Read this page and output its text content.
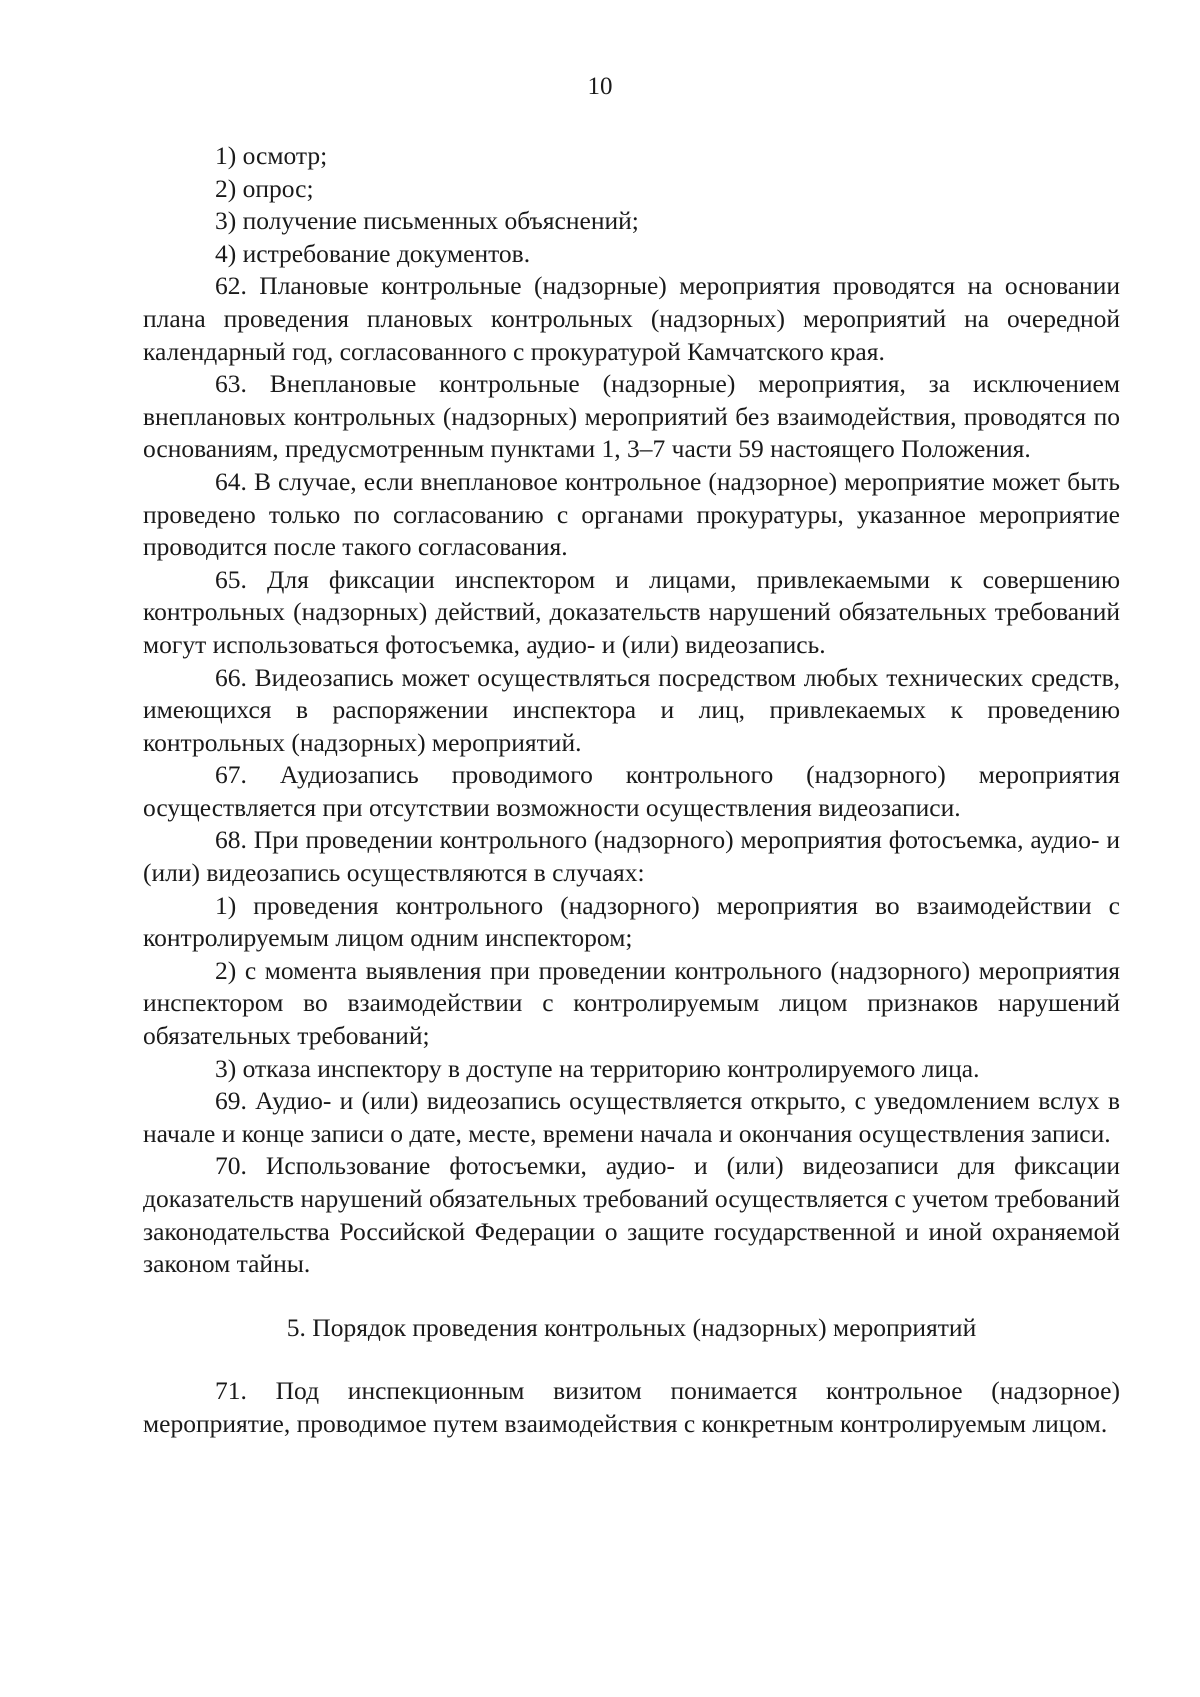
10

1) осмотр;

2) опрос;

3) получение письменных объяснений;

4) истребование документов.

62. Плановые контрольные (надзорные) мероприятия проводятся на основании плана проведения плановых контрольных (надзорных) мероприятий на очередной календарный год, согласованного с прокуратурой Камчатского края.

63. Внеплановые контрольные (надзорные) мероприятия, за исключением внеплановых контрольных (надзорных) мероприятий без взаимодействия, проводятся по основаниям, предусмотренным пунктами 1, 3–7 части 59 настоящего Положения.

64. В случае, если внеплановое контрольное (надзорное) мероприятие может быть проведено только по согласованию с органами прокуратуры, указанное мероприятие проводится после такого согласования.

65. Для фиксации инспектором и лицами, привлекаемыми к совершению контрольных (надзорных) действий, доказательств нарушений обязательных требований могут использоваться фотосъемка, аудио- и (или) видеозапись.

66. Видеозапись может осуществляться посредством любых технических средств, имеющихся в распоряжении инспектора и лиц, привлекаемых к проведению контрольных (надзорных) мероприятий.

67. Аудиозапись проводимого контрольного (надзорного) мероприятия осуществляется при отсутствии возможности осуществления видеозаписи.

68. При проведении контрольного (надзорного) мероприятия фотосъемка, аудио- и (или) видеозапись осуществляются в случаях:

1) проведения контрольного (надзорного) мероприятия во взаимодействии с контролируемым лицом одним инспектором;

2) с момента выявления при проведении контрольного (надзорного) мероприятия инспектором во взаимодействии с контролируемым лицом признаков нарушений обязательных требований;

3) отказа инспектору в доступе на территорию контролируемого лица.

69. Аудио- и (или) видеозапись осуществляется открыто, с уведомлением вслух в начале и конце записи о дате, месте, времени начала и окончания осуществления записи.

70. Использование фотосъемки, аудио- и (или) видеозаписи для фиксации доказательств нарушений обязательных требований осуществляется с учетом требований законодательства Российской Федерации о защите государственной и иной охраняемой законом тайны.

5. Порядок проведения контрольных (надзорных) мероприятий

71. Под инспекционным визитом понимается контрольное (надзорное) мероприятие, проводимое путем взаимодействия с конкретным контролируемым лицом.
